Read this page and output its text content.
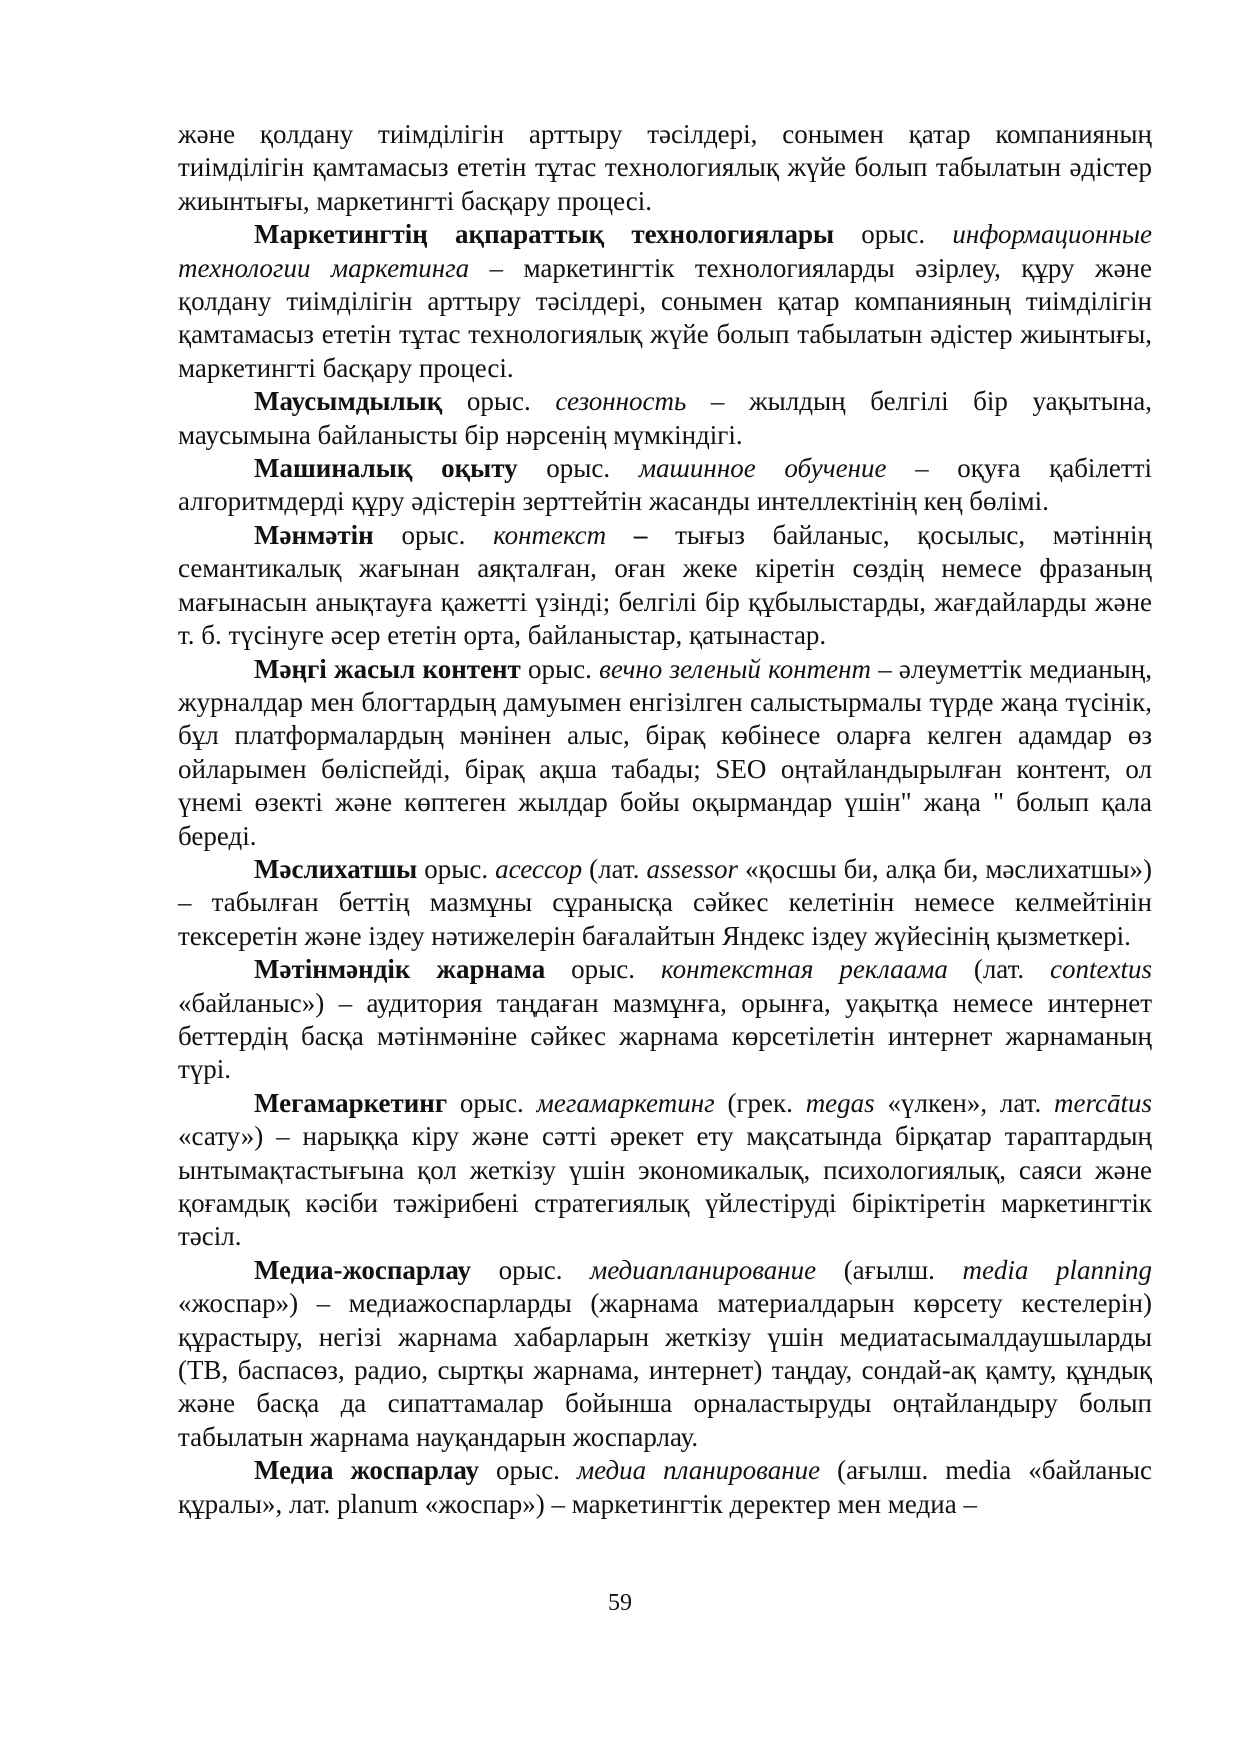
және қолдану тиімділігін арттыру тәсілдері, сонымен қатар компанияның тиімділігін қамтамасыз ететін тұтас технологиялық жүйе болып табылатын әдістер жиынтығы, маркетингті басқару процесі.

Маркетингтің ақпараттық технологиялары орыс. информационные технологии маркетинга – маркетингтік технологияларды әзірлеу, құру және қолдану тиімділігін арттыру тәсілдері, сонымен қатар компанияның тиімділігін қамтамасыз ететін тұтас технологиялық жүйе болып табылатын әдістер жиынтығы, маркетингті басқару процесі.

Маусымдылық орыс. сезонность – жылдың белгілі бір уақытына, маусымына байланысты бір нәрсенің мүмкіндігі.

Машиналық оқыту орыс. машинное обучение – оқуға қабілетті алгоритмдерді құру әдістерін зерттейтін жасанды интеллектінің кең бөлімі.

Мәнмәтін орыс. контекст – тығыз байланыс, қосылыс, мәтіннің семантикалық жағынан аяқталған, оған жеке кіретін сөздің немесе фразаның мағынасын анықтауға қажетті үзінді; белгілі бір құбылыстарды, жағдайларды және т. б. түсінуге әсер ететін орта, байланыстар, қатынастар.

Мәңгі жасыл контент орыс. вечно зеленый контент – әлеуметтік медианың, журналдар мен блогтардың дамуымен енгізілген салыстырмалы түрде жаңа түсінік, бұл платформалардың мәнінен алыс, бірақ көбінесе оларға келген адамдар өз ойларымен бөліспейді, бірақ ақша табады; SEO оңтайландырылған контент, ол үнемі өзекті және көптеген жылдар бойы оқырмандар үшін" жаңа " болып қала береді.

Мәслихатшы орыс. асессор (лат. assessor «қосшы би, алқа би, мәслихатшы») – табылған беттің мазмұны сұранысқа сәйкес келетінін немесе келмейтінін тексеретін және іздеу нәтижелерін бағалайтын Яндекс іздеу жүйесінің қызметкері.

Мәтінмәндік жарнама орыс. контекстная реклаама (лат. contextus «байланыс») – аудитория таңдаған мазмұнға, орынға, уақытқа немесе интернет беттердің басқа мәтінмәніне сәйкес жарнама көрсетілетін интернет жарнаманың түрі.

Мегамаркетинг орыс. мегамаркетинг (грек. megas «үлкен», лат. mercātus «сату») – нарыққа кіру және сәтті әрекет ету мақсатында бірқатар тараптардың ынтымақтастығына қол жеткізу үшін экономикалық, психологиялық, саяси және қоғамдық кәсіби тәжірибені стратегиялық үйлестіруді біріктіретін маркетингтік тәсіл.

Медиа-жоспарлау орыс. медиапланирование (ағылш. media planning «жоспар») – медиажоспарларды (жарнама материалдарын көрсету кестелерін) құрастыру, негізі жарнама хабарларын жеткізу үшін медиатасымалдаушыларды (ТВ, баспасөз, радио, сыртқы жарнама, интернет) таңдау, сондай-ақ қамту, құндық және басқа да сипаттамалар бойынша орналастыруды оңтайландыру болып табылатын жарнама науқандарын жоспарлау.

Медиа жоспарлау орыс. медиа планирование (ағылш. media «байланыс құралы», лат. planum «жоспар») – маркетингтік деректер мен медиа –

59
